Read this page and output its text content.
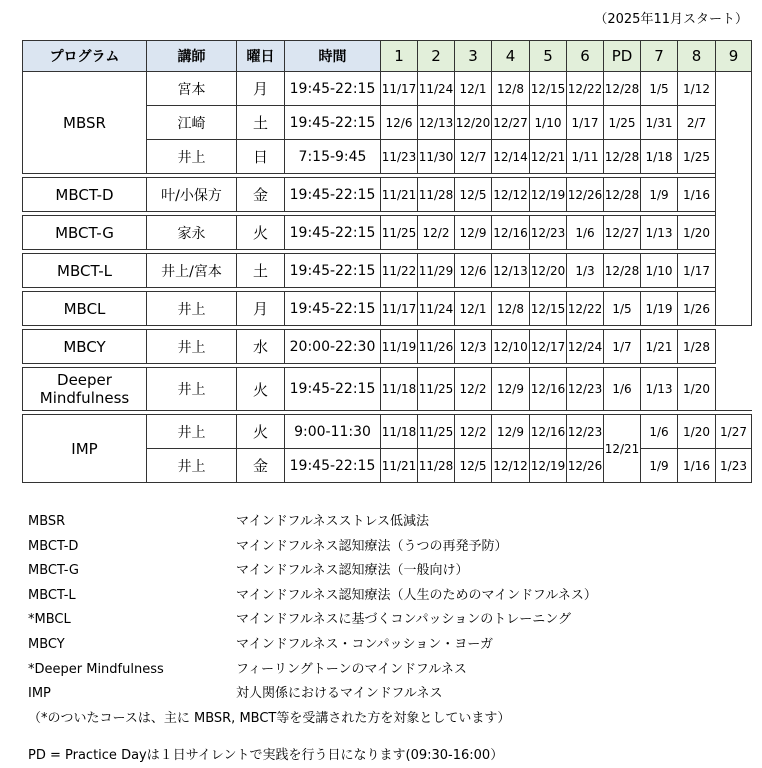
（2025年11月スタート）
プログラム	講師	曜日	時間	1	2	3	4	5	6	PD	7	8	9
MBSR	宮本	月	19:45-22:15	11/17	11/24	12/1	12/8	12/15	12/22	12/28	1/5	1/12	
	江崎	土	19:45-22:15	12/6	12/13	12/20	12/27	1/10	1/17	1/25	1/31	2/7	
	井上	日	7:15-9:45	11/23	11/30	12/7	12/14	12/21	1/11	12/28	1/18	1/25	

MBCT-D	叶/小保方	金	19:45-22:15	11/21	11/28	12/5	12/12	12/19	12/26	12/28	1/9	1/16	

MBCT-G	家永	火	19:45-22:15	11/25	12/2	12/9	12/16	12/23	1/6	12/27	1/13	1/20	

MBCT-L	井上/宮本	土	19:45-22:15	11/22	11/29	12/6	12/13	12/20	1/3	12/28	1/10	1/17	

MBCL	井上	月	19:45-22:15	11/17	11/24	12/1	12/8	12/15	12/22	1/5	1/19	1/26	

MBCY	井上	水	20:00-22:30	11/19	11/26	12/3	12/10	12/17	12/24	1/7	1/21	1/28	

Deeper
Mindfulness	井上	火	19:45-22:15	11/18	11/25	12/2	12/9	12/16	12/23	1/6	1/13	1/20	

IMP	井上	火	9:00-11:30	11/18	11/25	12/2	12/9	12/16	12/23	12/21	1/6	1/20	1/27
	井上	金	19:45-22:15	11/21	11/28	12/5	12/12	12/19	12/26		1/9	1/16	1/23
MBSR	マインドフルネスストレス低減法
MBCT-D	マインドフルネス認知療法（うつの再発予防）
MBCT-G	マインドフルネス認知療法（一般向け）
MBCT-L	マインドフルネス認知療法（人生のためのマインドフルネス）
*MBCL	マインドフルネスに基づくコンパッションのトレーニング
MBCY	マインドフルネス・コンパッション・ヨーガ
*Deeper Mindfulness	フィーリングトーンのマインドフルネス
IMP	対人関係におけるマインドフルネス
（*のついたコースは、主に MBSR, MBCT等を受講された方を対象としています）
PD = Practice Dayは１日サイレントで実践を行う日になります(09:30-16:00）
